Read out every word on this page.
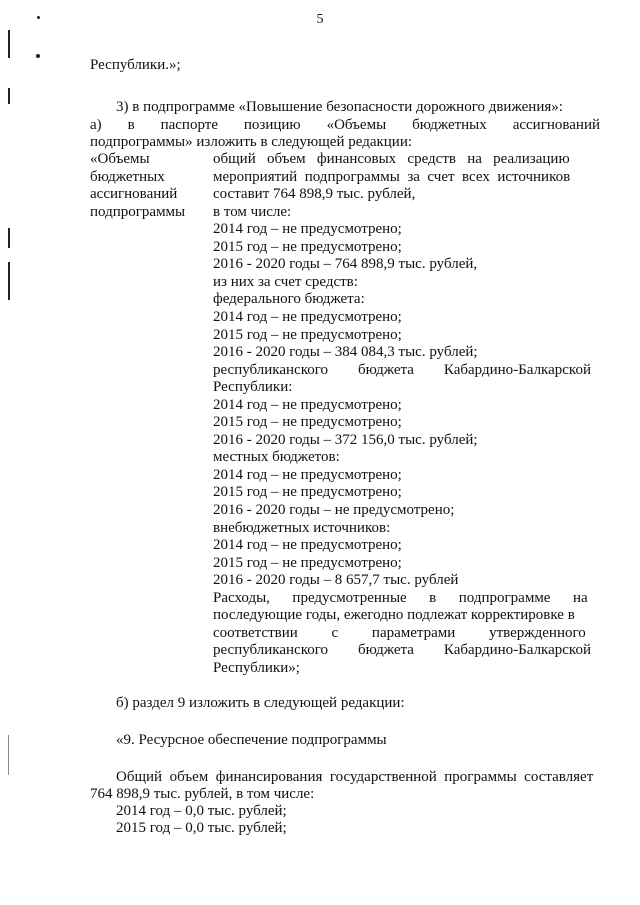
5
Республики.»;
3) в подпрограмме «Повышение безопасности дорожного движения»:
а)    в    паспорте    позицию    «Объемы    бюджетных    ассигнований
подпрограммы» изложить в следующей редакции:
«Объемы
бюджетных
ассигнований
подпрограммы
общий   объем   финансовых   средств   на   реализацию
мероприятий  подпрограммы  за  счет  всех  источников
составит 764 898,9 тыс. рублей,
в том числе:
2014 год – не предусмотрено;
2015 год – не предусмотрено;
2016 - 2020 годы – 764 898,9 тыс. рублей,
из них за счет средств:
федерального бюджета:
2014 год – не предусмотрено;
2015 год – не предусмотрено;
2016 - 2020 годы – 384 084,3 тыс. рублей;
республиканского        бюджета        Кабардино-Балкарской
Республики:
2014 год – не предусмотрено;
2015 год – не предусмотрено;
2016 - 2020 годы – 372 156,0 тыс. рублей;
местных бюджетов:
2014 год – не предусмотрено;
2015 год – не предусмотрено;
2016 - 2020 годы – не предусмотрено;
внебюджетных источников:
2014 год – не предусмотрено;
2015 год – не предусмотрено;
2016 - 2020 годы – 8 657,7 тыс. рублей
Расходы,      предусмотренные      в      подпрограмме      на
последующие годы, ежегодно подлежат корректировке в
соответствии         с         параметрами         утвержденного
республиканского        бюджета        Кабардино-Балкарской
Республики»;
б) раздел 9 изложить в следующей редакции:
«9. Ресурсное обеспечение подпрограммы
Общий  объем  финансирования  государственной  программы  составляет
764 898,9 тыс. рублей, в том числе:
2014 год – 0,0 тыс. рублей;
2015 год – 0,0 тыс. рублей;
